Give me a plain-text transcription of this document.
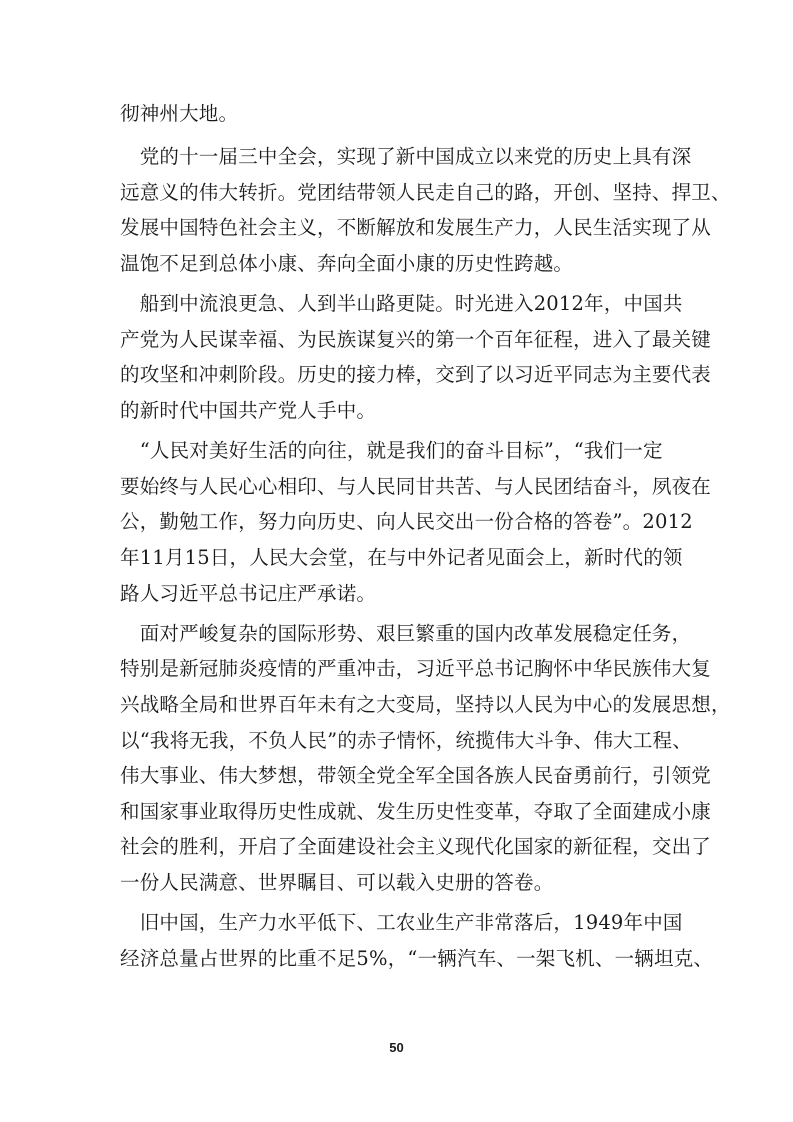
彻神州大地。
　党的十一届三中全会，实现了新中国成立以来党的历史上具有深
远意义的伟大转折。党团结带领人民走自己的路，开创、坚持、捍卫、
发展中国特色社会主义，不断解放和发展生产力，人民生活实现了从
温饱不足到总体小康、奔向全面小康的历史性跨越。
　船到中流浪更急、人到半山路更陡。时光进入2012年，中国共
产党为人民谋幸福、为民族谋复兴的第一个百年征程，进入了最关键
的攻坚和冲刺阶段。历史的接力棒，交到了以习近平同志为主要代表
的新时代中国共产党人手中。
　“人民对美好生活的向往，就是我们的奋斗目标”，“我们一定
要始终与人民心心相印、与人民同甘共苦、与人民团结奋斗，夙夜在
公，勤勉工作，努力向历史、向人民交出一份合格的答卷”。2012
年11月15日，人民大会堂，在与中外记者见面会上，新时代的领
路人习近平总书记庄严承诺。
　面对严峻复杂的国际形势、艰巨繁重的国内改革发展稳定任务，
特别是新冠肺炎疫情的严重冲击，习近平总书记胸怀中华民族伟大复
兴战略全局和世界百年未有之大变局，坚持以人民为中心的发展思想，
以“我将无我，不负人民”的赤子情怀，统揽伟大斗争、伟大工程、
伟大事业、伟大梦想，带领全党全军全国各族人民奋勇前行，引领党
和国家事业取得历史性成就、发生历史性变革，夺取了全面建成小康
社会的胜利，开启了全面建设社会主义现代化国家的新征程，交出了
一份人民满意、世界瞩目、可以载入史册的答卷。
　旧中国，生产力水平低下、工农业生产非常落后，1949年中国
经济总量占世界的比重不足5%，“一辆汽车、一架飞机、一辆坦克、
50
